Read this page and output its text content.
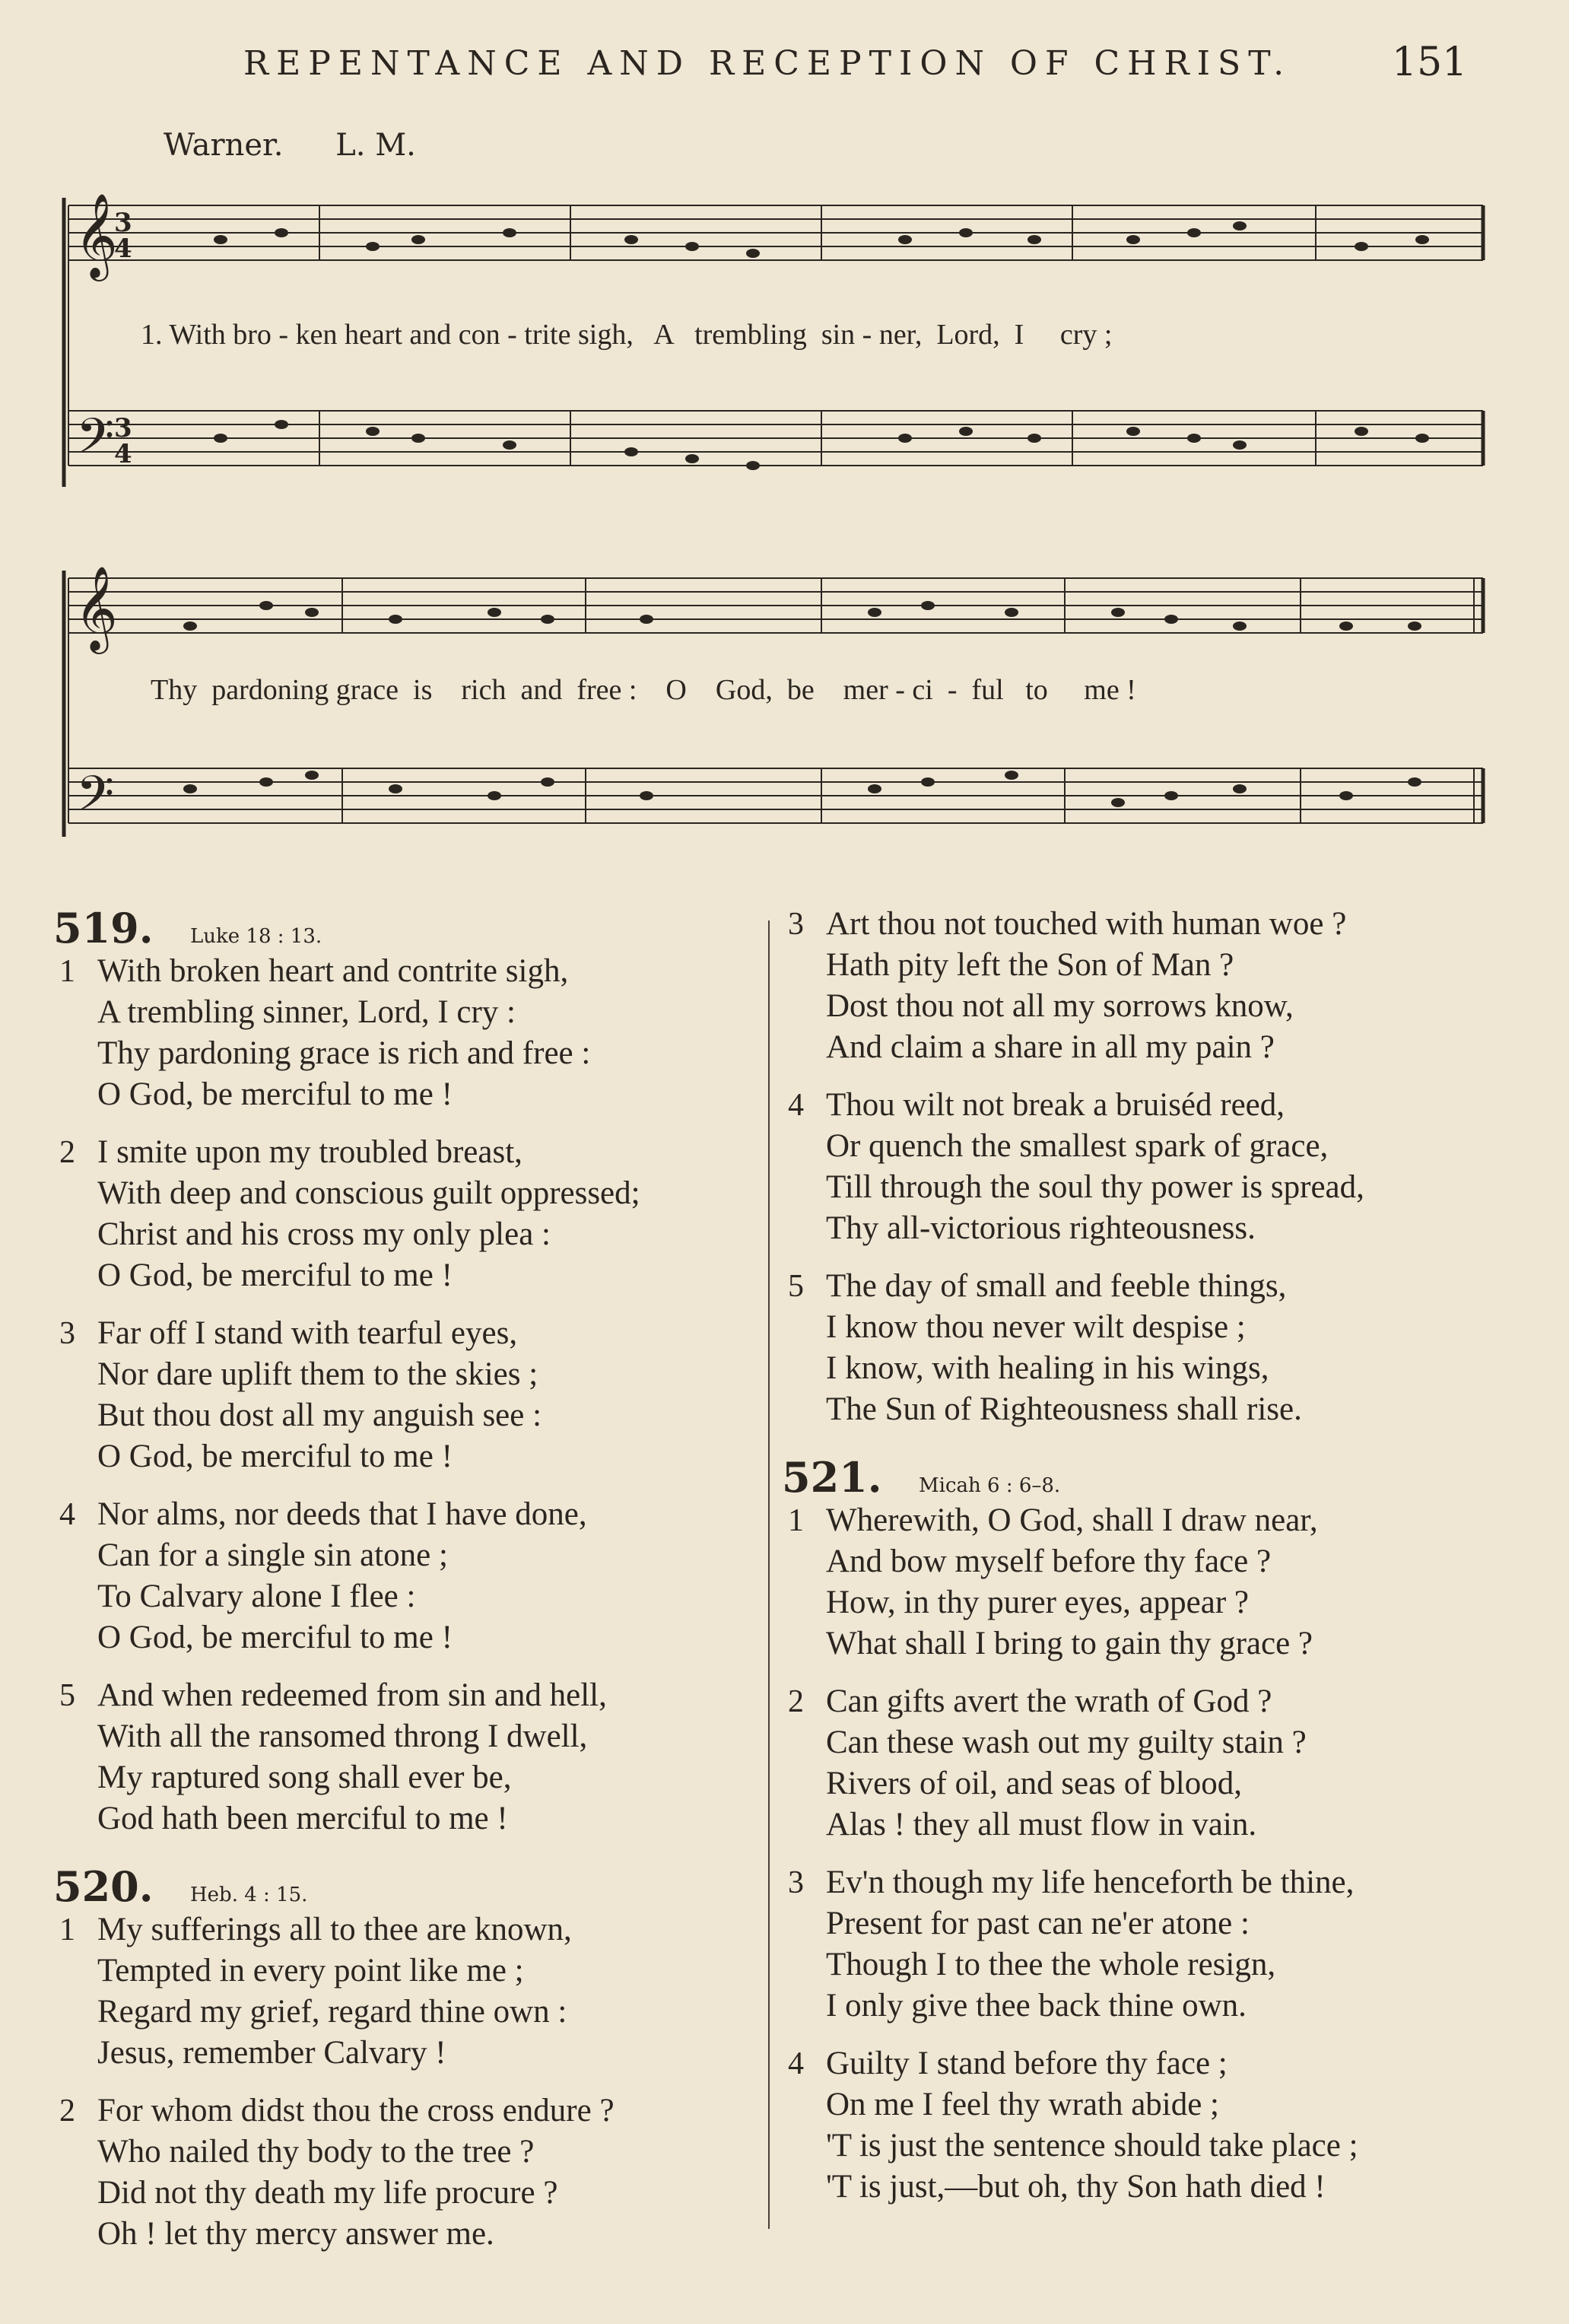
REPENTANCE AND RECEPTION OF CHRIST.	151
Warner. L. M.
𝄞
𝄢
3
4
3
4
1. With bro - ken heart and con - trite sigh,   A   trembling  sin - ner,  Lord,  I     cry ;
𝄞
𝄢
Thy  pardoning grace  is    rich  and  free :    O    God,  be    mer - ci  -  ful   to     me !
519.	Luke 18 : 13.
1 With broken heart and contrite sigh,
A trembling sinner, Lord, I cry :
Thy pardoning grace is rich and free :
O God, be merciful to me !
2 I smite upon my troubled breast,
With deep and conscious guilt oppressed;
Christ and his cross my only plea :
O God, be merciful to me !
3 Far off I stand with tearful eyes,
Nor dare uplift them to the skies ;
But thou dost all my anguish see :
O God, be merciful to me !
4 Nor alms, nor deeds that I have done,
Can for a single sin atone ;
To Calvary alone I flee :
O God, be merciful to me !
5 And when redeemed from sin and hell,
With all the ransomed throng I dwell,
My raptured song shall ever be,
God hath been merciful to me !
520.	Heb. 4 : 15.
1 My sufferings all to thee are known,
Tempted in every point like me ;
Regard my grief, regard thine own :
Jesus, remember Calvary !
2 For whom didst thou the cross endure ?
Who nailed thy body to the tree ?
Did not thy death my life procure ?
Oh ! let thy mercy answer me.
3 Art thou not touched with human woe ?
Hath pity left the Son of Man ?
Dost thou not all my sorrows know,
And claim a share in all my pain ?
4 Thou wilt not break a bruiséd reed,
Or quench the smallest spark of grace,
Till through the soul thy power is spread,
Thy all-victorious righteousness.
5 The day of small and feeble things,
I know thou never wilt despise ;
I know, with healing in his wings,
The Sun of Righteousness shall rise.
521.	Micah 6 : 6–8.
1 Wherewith, O God, shall I draw near,
And bow myself before thy face ?
How, in thy purer eyes, appear ?
What shall I bring to gain thy grace ?
2 Can gifts avert the wrath of God ?
Can these wash out my guilty stain ?
Rivers of oil, and seas of blood,
Alas ! they all must flow in vain.
3 Ev'n though my life henceforth be thine,
Present for past can ne'er atone :
Though I to thee the whole resign,
I only give thee back thine own.
4 Guilty I stand before thy face ;
On me I feel thy wrath abide ;
'T is just the sentence should take place ;
'T is just,—but oh, thy Son hath died !
